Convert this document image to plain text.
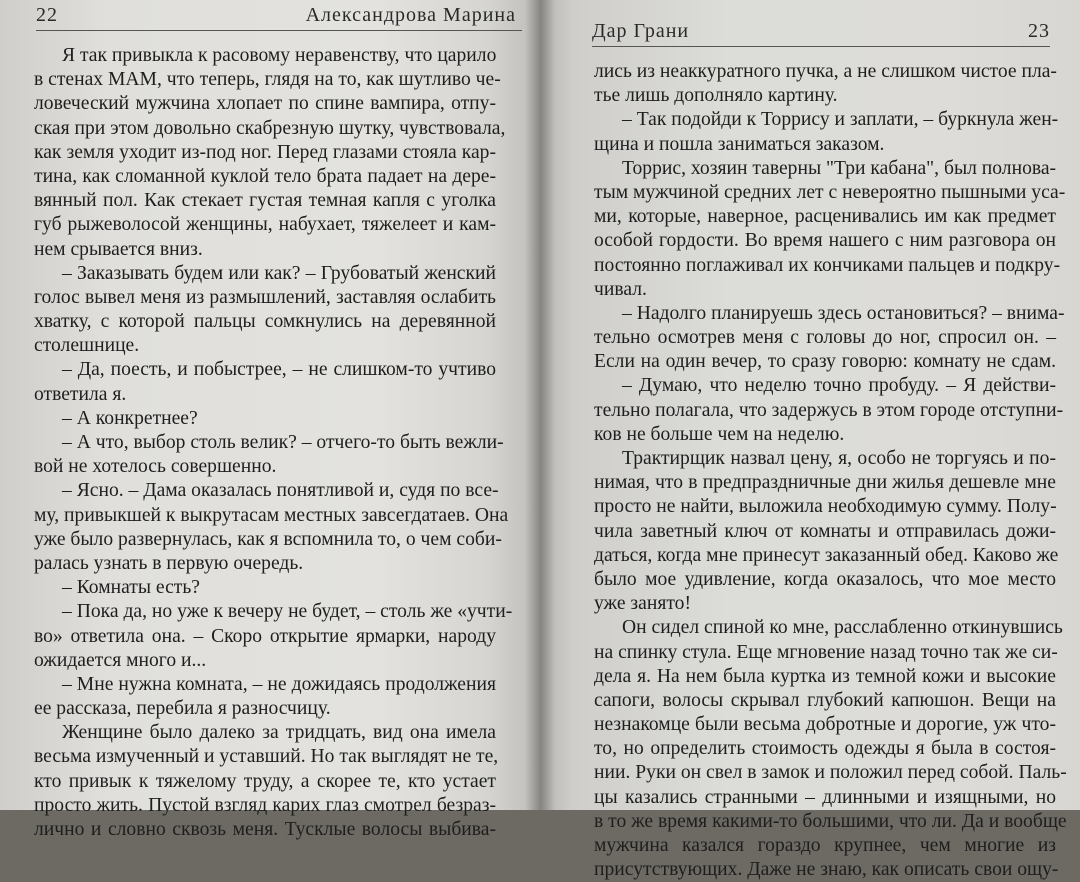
22	Александрова Марина
Я так привыкла к расовому неравенству, что царило
в стенах МАМ, что теперь, глядя на то, как шутливо че-
ловеческий мужчина хлопает по спине вампира, отпу-
ская при этом довольно скабрезную шутку, чувствовала,
как земля уходит из-под ног. Перед глазами стояла кар-
тина, как сломанной куклой тело брата падает на дере-
вянный пол. Как стекает густая темная капля с уголка
губ рыжеволосой женщины, набухает, тяжелеет и кам-
нем срывается вниз.
– Заказывать будем или как? – Грубоватый женский
голос вывел меня из размышлений, заставляя ослабить
хватку, с которой пальцы сомкнулись на деревянной
столешнице.
– Да, поесть, и побыстрее, – не слишком-то учтиво
ответила я.
– А конкретнее?
– А что, выбор столь велик? – отчего-то быть вежли-
вой не хотелось совершенно.
– Ясно. – Дама оказалась понятливой и, судя по все-
му, привыкшей к выкрутасам местных завсегдатаев. Она
уже было развернулась, как я вспомнила то, о чем соби-
ралась узнать в первую очередь.
– Комнаты есть?
– Пока да, но уже к вечеру не будет, – столь же «учти-
во» ответила она. – Скоро открытие ярмарки, народу
ожидается много и...
– Мне нужна комната, – не дожидаясь продолжения
ее рассказа, перебила я разносчицу.
Женщине было далеко за тридцать, вид она имела
весьма измученный и уставший. Но так выглядят не те,
кто привык к тяжелому труду, а скорее те, кто устает
просто жить. Пустой взгляд карих глаз смотрел безраз-
лично и словно сквозь меня. Тусклые волосы выбива-
Дар Грани	23
лись из неаккуратного пучка, а не слишком чистое пла-
тье лишь дополняло картину.
– Так подойди к Торрису и заплати, – буркнула жен-
щина и пошла заниматься заказом.
Торрис, хозяин таверны "Три кабана", был полнова-
тым мужчиной средних лет с невероятно пышными уса-
ми, которые, наверное, расценивались им как предмет
особой гордости. Во время нашего с ним разговора он
постоянно поглаживал их кончиками пальцев и подкру-
чивал.
– Надолго планируешь здесь остановиться? – внима-
тельно осмотрев меня с головы до ног, спросил он. –
Если на один вечер, то сразу говорю: комнату не сдам.
– Думаю, что неделю точно пробуду. – Я действи-
тельно полагала, что задержусь в этом городе отступни-
ков не больше чем на неделю.
Трактирщик назвал цену, я, особо не торгуясь и по-
нимая, что в предпраздничные дни жилья дешевле мне
просто не найти, выложила необходимую сумму. Полу-
чила заветный ключ от комнаты и отправилась дожи-
даться, когда мне принесут заказанный обед. Каково же
было мое удивление, когда оказалось, что мое место
уже занято!
Он сидел спиной ко мне, расслабленно откинувшись
на спинку стула. Еще мгновение назад точно так же си-
дела я. На нем была куртка из темной кожи и высокие
сапоги, волосы скрывал глубокий капюшон. Вещи на
незнакомце были весьма добротные и дорогие, уж что-
то, но определить стоимость одежды я была в состоя-
нии. Руки он свел в замок и положил перед собой. Паль-
цы казались странными – длинными и изящными, но
в то же время какими-то большими, что ли. Да и вообще
мужчина казался гораздо крупнее, чем многие из
присутствующих. Даже не знаю, как описать свои ощу-
